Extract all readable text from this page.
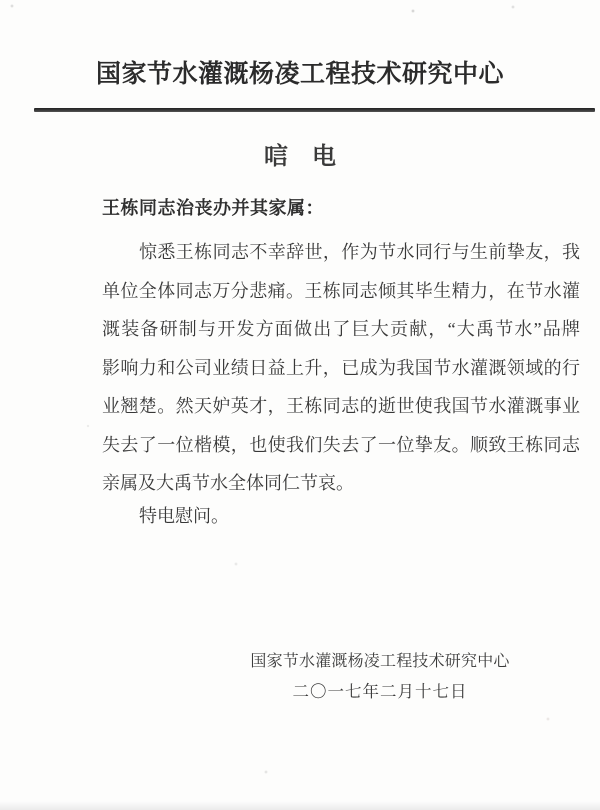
国家节水灌溉杨凌工程技术研究中心
唁　电
王栋同志治丧办并其家属：
惊悉王栋同志不幸辞世，作为节水同行与生前挚友，我
单位全体同志万分悲痛。王栋同志倾其毕生精力，在节水灌
溉装备研制与开发方面做出了巨大贡献，“大禹节水”品牌
影响力和公司业绩日益上升，已成为我国节水灌溉领域的行
业翘楚。然天妒英才，王栋同志的逝世使我国节水灌溉事业
失去了一位楷模，也使我们失去了一位挚友。顺致王栋同志
亲属及大禹节水全体同仁节哀。
特电慰问。
国家节水灌溉杨凌工程技术研究中心
二〇一七年二月十七日
